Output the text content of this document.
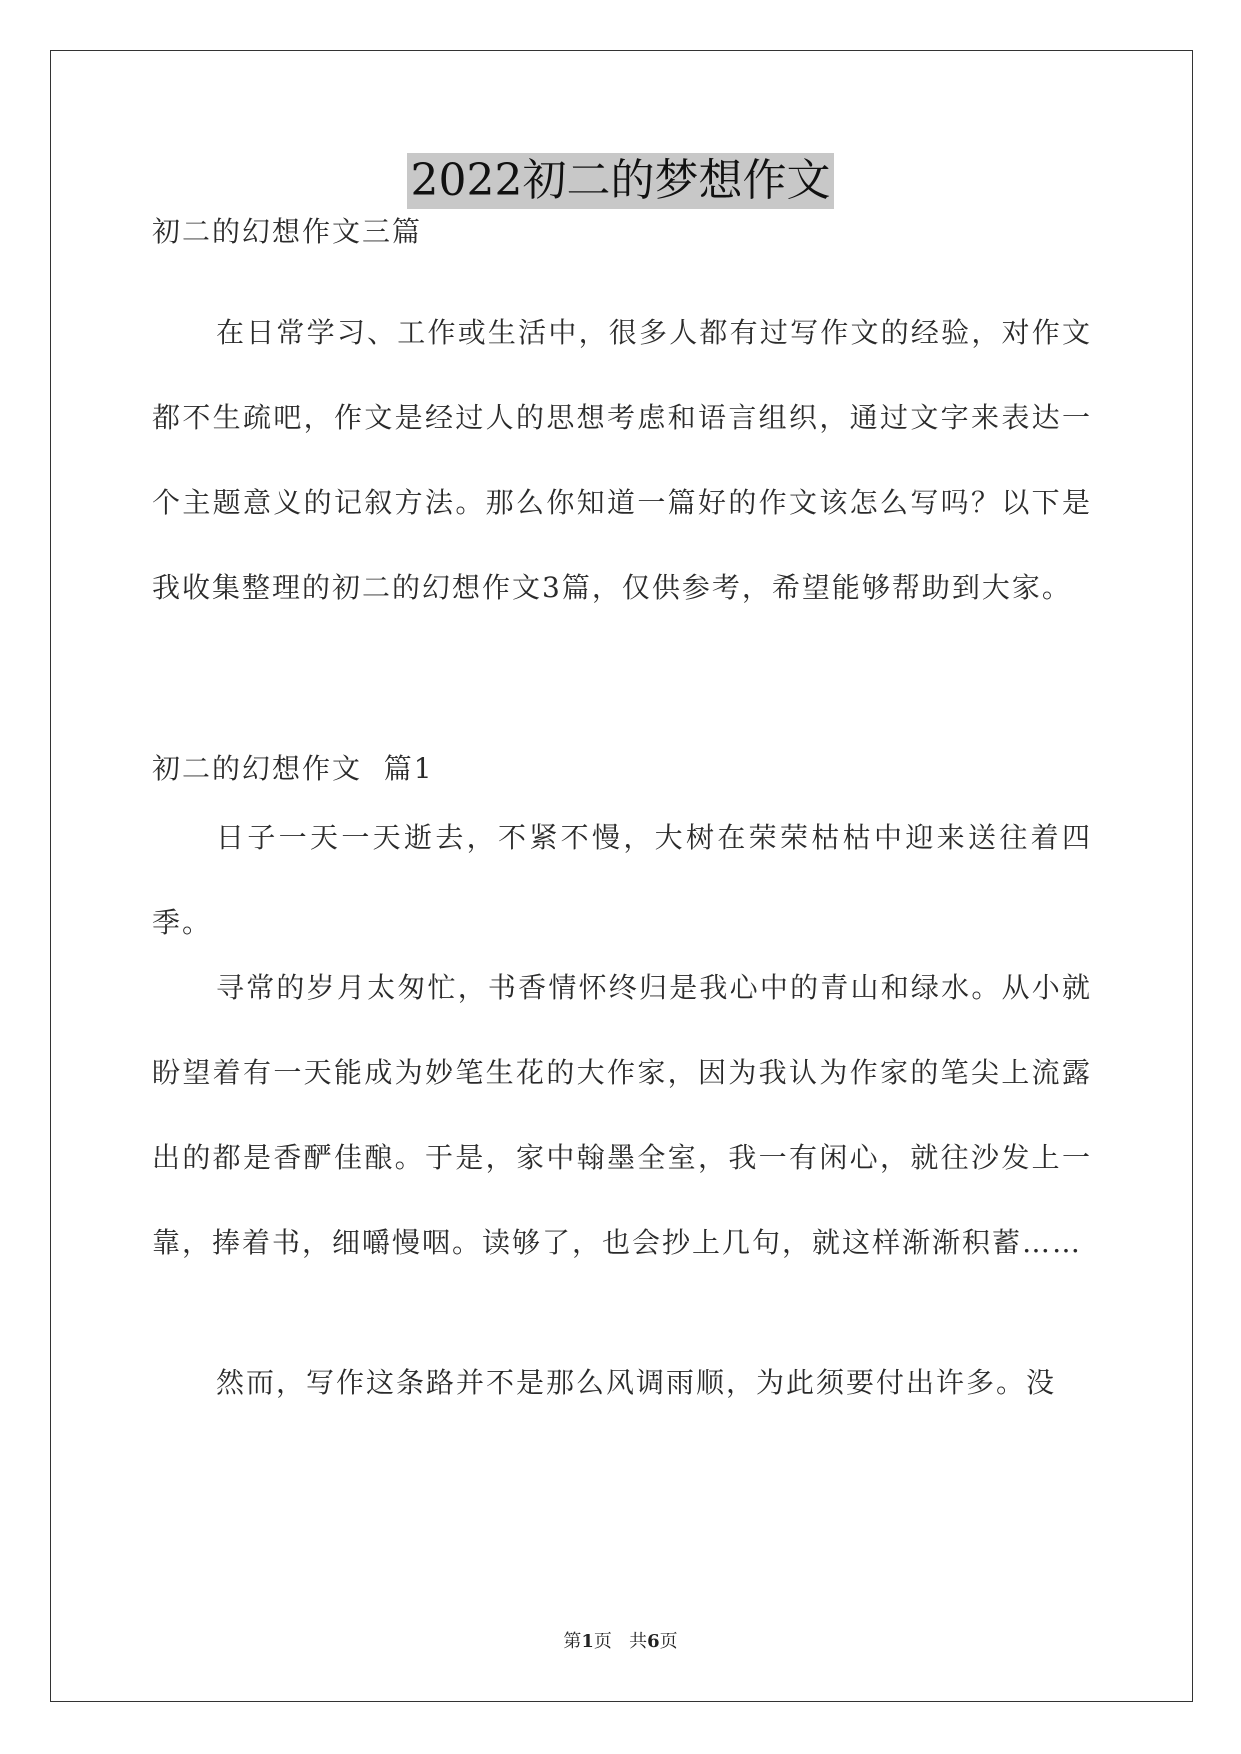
2022初二的梦想作文
初二的幻想作文三篇
在日常学习、工作或生活中，很多人都有过写作文的经验，对作文都不生疏吧，作文是经过人的思想考虑和语言组织，通过文字来表达一个主题意义的记叙方法。那么你知道一篇好的作文该怎么写吗？以下是我收集整理的初二的幻想作文3篇，仅供参考，希望能够帮助到大家。
初二的幻想作文  篇1
日子一天一天逝去，不紧不慢，大树在荣荣枯枯中迎来送往着四季。
寻常的岁月太匆忙，书香情怀终归是我心中的青山和绿水。从小就盼望着有一天能成为妙笔生花的大作家，因为我认为作家的笔尖上流露出的都是香酽佳酿。于是，家中翰墨全室，我一有闲心，就往沙发上一靠，捧着书，细嚼慢咽。读够了，也会抄上几句，就这样渐渐积蓄……
然而，写作这条路并不是那么风调雨顺，为此须要付出许多。没
第1页   共6页
